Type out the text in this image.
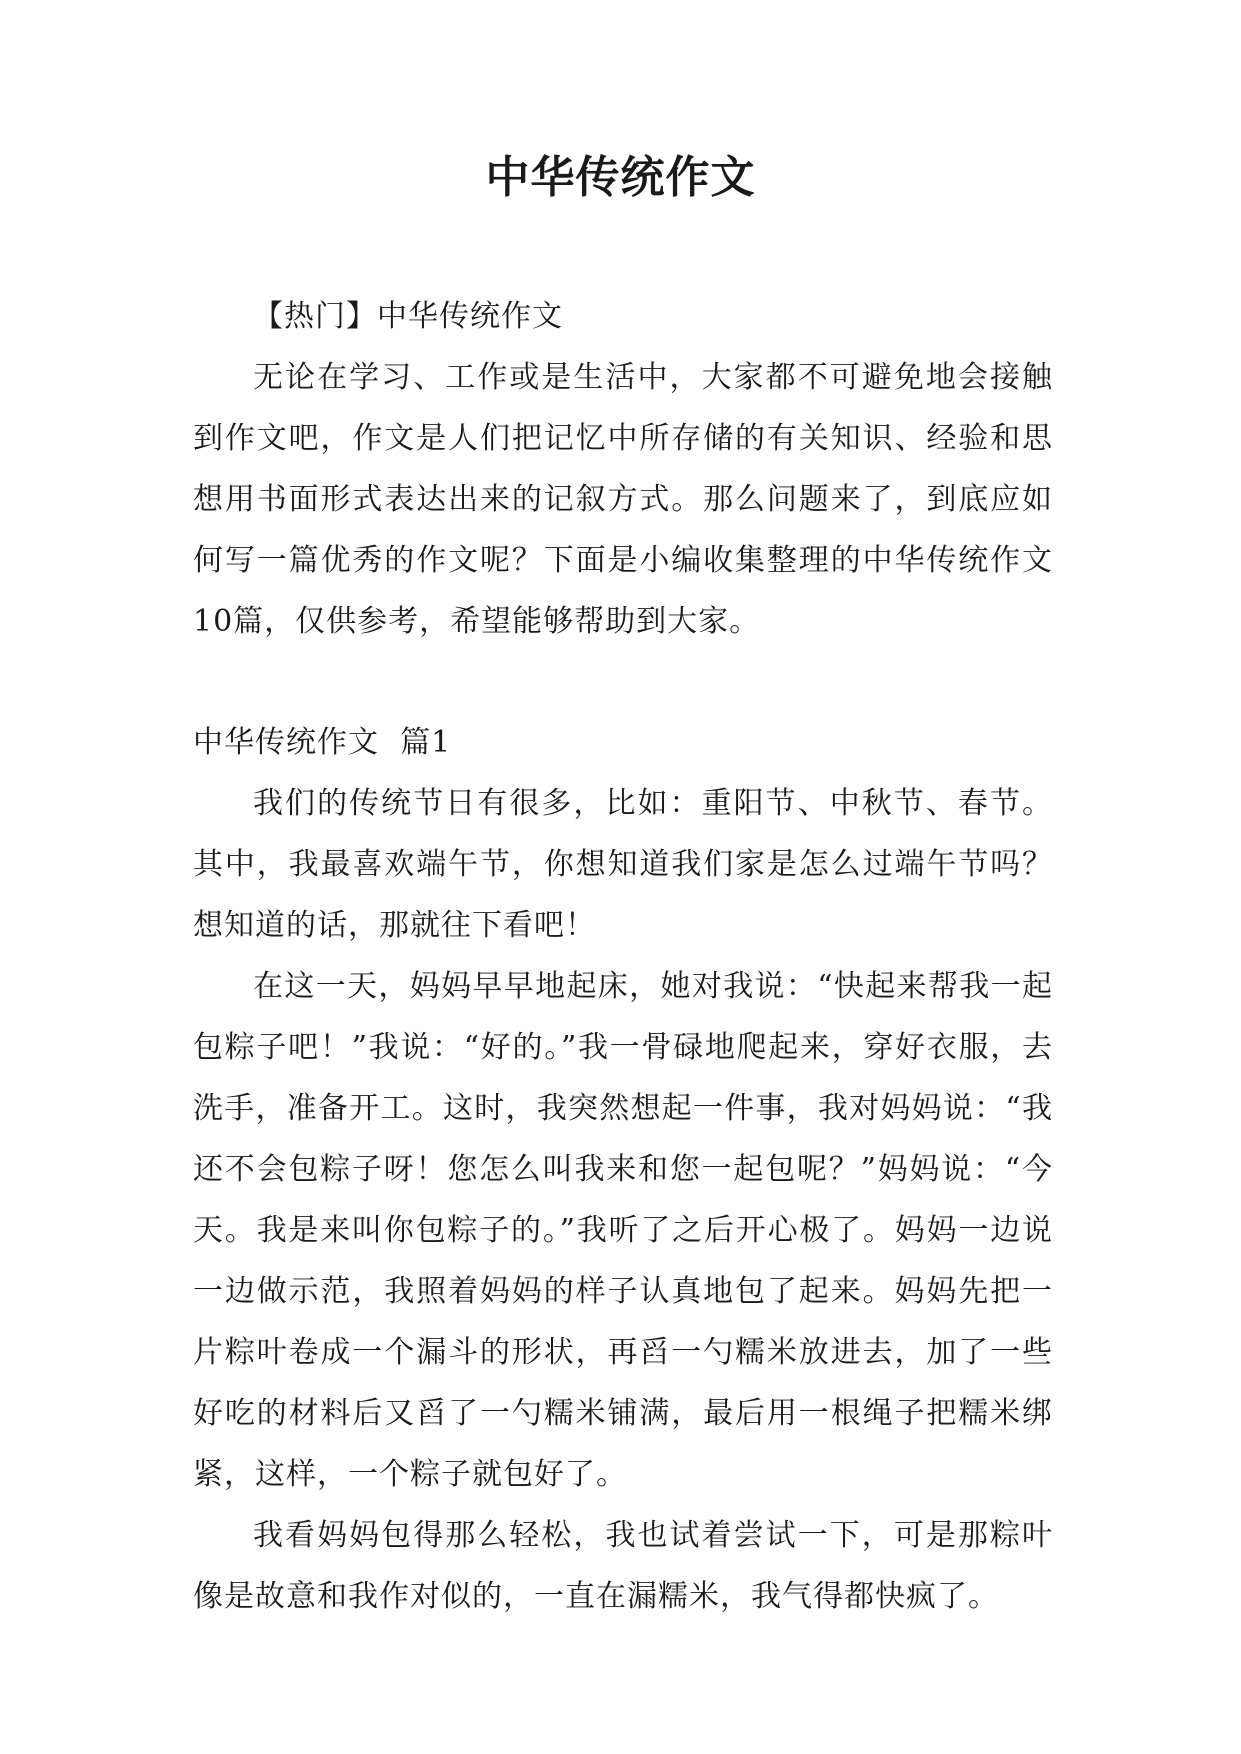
中华传统作文

【热门】中华传统作文

无论在学习、工作或是生活中，大家都不可避免地会接触到作文吧，作文是人们把记忆中所存储的有关知识、经验和思想用书面形式表达出来的记叙方式。那么问题来了，到底应如何写一篇优秀的作文呢？下面是小编收集整理的中华传统作文10篇，仅供参考，希望能够帮助到大家。

中华传统作文  篇1

我们的传统节日有很多，比如：重阳节、中秋节、春节。其中，我最喜欢端午节，你想知道我们家是怎么过端午节吗？想知道的话，那就往下看吧！

在这一天，妈妈早早地起床，她对我说：“快起来帮我一起包粽子吧！”我说：“好的。”我一骨碌地爬起来，穿好衣服，去洗手，准备开工。这时，我突然想起一件事，我对妈妈说：“我还不会包粽子呀！您怎么叫我来和您一起包呢？”妈妈说：“今天。我是来叫你包粽子的。”我听了之后开心极了。妈妈一边说一边做示范，我照着妈妈的样子认真地包了起来。妈妈先把一片粽叶卷成一个漏斗的形状，再舀一勺糯米放进去，加了一些好吃的材料后又舀了一勺糯米铺满，最后用一根绳子把糯米绑紧，这样，一个粽子就包好了。

我看妈妈包得那么轻松，我也试着尝试一下，可是那粽叶像是故意和我作对似的，一直在漏糯米，我气得都快疯了。
